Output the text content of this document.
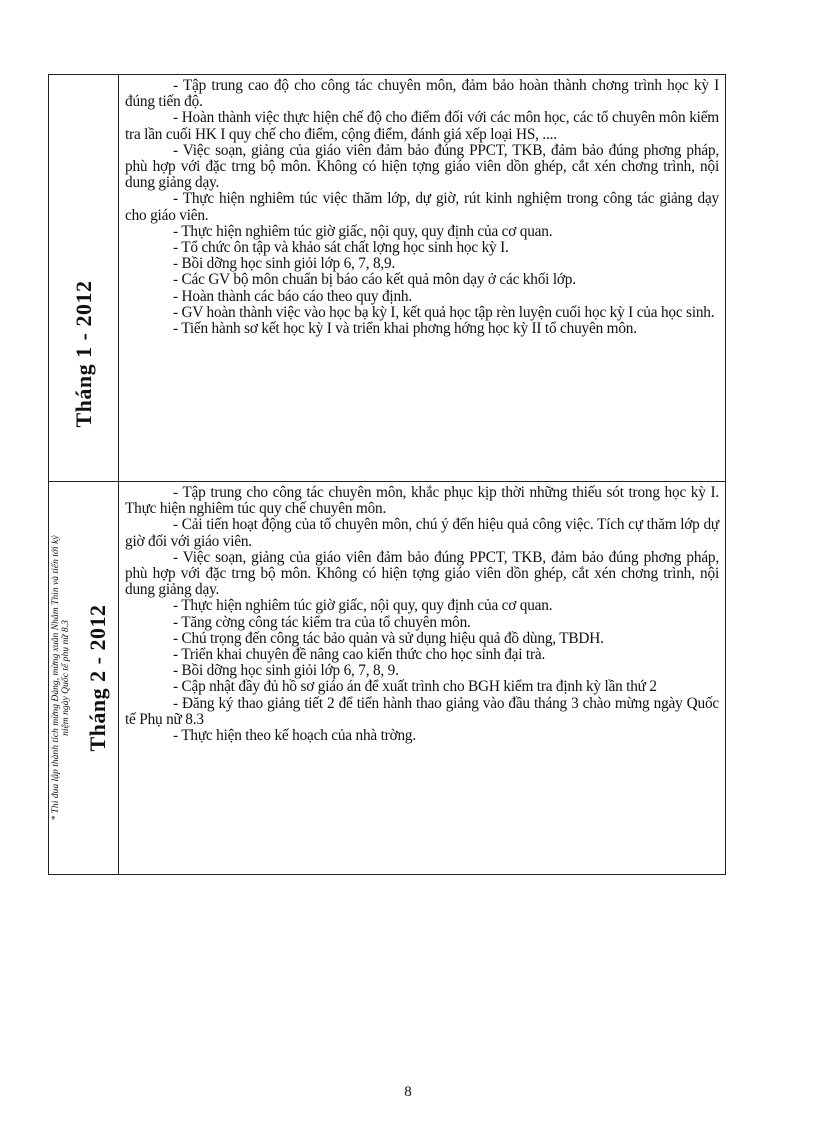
Tháng 1 - 2012

- Tập trung cao độ cho công tác chuyên môn, đảm bảo hoàn thành chơng trình học kỳ I đúng tiến độ.

- Hoàn thành việc thực hiện chế độ cho điểm đối với các môn học, các tổ chuyên môn kiểm tra lần cuối HK I quy chế cho điểm, cộng điểm, đánh giá xếp loại HS, ....

- Việc soạn, giảng của giáo viên đảm bảo đúng PPCT, TKB, đảm bảo đúng phơng pháp, phù hợp với đặc trng bộ môn. Không có hiện tợng giáo viên dồn ghép, cắt xén chơng trình, nội dung giảng dạy.

- Thực hiện nghiêm túc việc thăm lớp, dự giờ, rút kinh nghiệm trong công tác giảng dạy cho giáo viên.

- Thực hiện nghiêm túc giờ giấc, nội quy, quy định của cơ quan.

- Tổ chức ôn tập và khảo sát chất lợng học sinh học kỳ I.

- Bồi dỡng học sinh giỏi lớp 6, 7, 8,9.

- Các GV bộ môn chuẩn bị báo cáo kết quả môn dạy ở các khối lớp.

- Hoàn thành các báo cáo theo quy định.

- GV hoàn thành việc vào học bạ kỳ I, kết quả học tập rèn luyện cuối học kỳ I của học sinh.

- Tiến hành sơ kết học kỳ I và triển khai phơng hớng học kỳ II tổ chuyên môn.

* Thi đua lập thành tích mừng Đảng, mừng xuân Nhâm Thìn và tiến tới kỷ niệm ngày Quốc tế phụ nữ 8.3 Tháng 2 - 2012

- Tập trung cho công tác chuyên môn, khắc phục kịp thời những thiếu sót trong học kỳ I. Thực hiện nghiêm túc quy chế chuyên môn.

- Cải tiến hoạt động của tổ chuyên môn, chú ý đến hiệu quả công việc. Tích cự thăm lớp dự giờ đối với giáo viên.

- Việc soạn, giảng của giáo viên đảm bảo đúng PPCT, TKB, đảm bảo đúng phơng pháp, phù hợp với đặc trng bộ môn. Không có hiện tợng giáo viên dồn ghép, cắt xén chơng trình, nội dung giảng dạy.

- Thực hiện nghiêm túc giờ giấc, nội quy, quy định của cơ quan.

- Tăng cờng công tác kiểm tra của tổ chuyên môn.

- Chú trọng đến công tác bảo quản và sử dụng hiệu quả đồ dùng, TBDH.

- Triển khai chuyên đề nâng cao kiến thức cho học sinh đại trà.

- Bồi dỡng học sinh giỏi lớp 6, 7, 8, 9.

- Cập nhật đầy đủ hồ sơ giáo án để xuất trình cho BGH kiểm tra định kỳ lần thứ 2

- Đăng ký thao giảng tiết 2 để tiến hành thao giảng vào đầu tháng 3 chào mừng ngày Quốc tế Phụ nữ 8.3

- Thực hiện theo kế hoạch của nhà trờng.

8
